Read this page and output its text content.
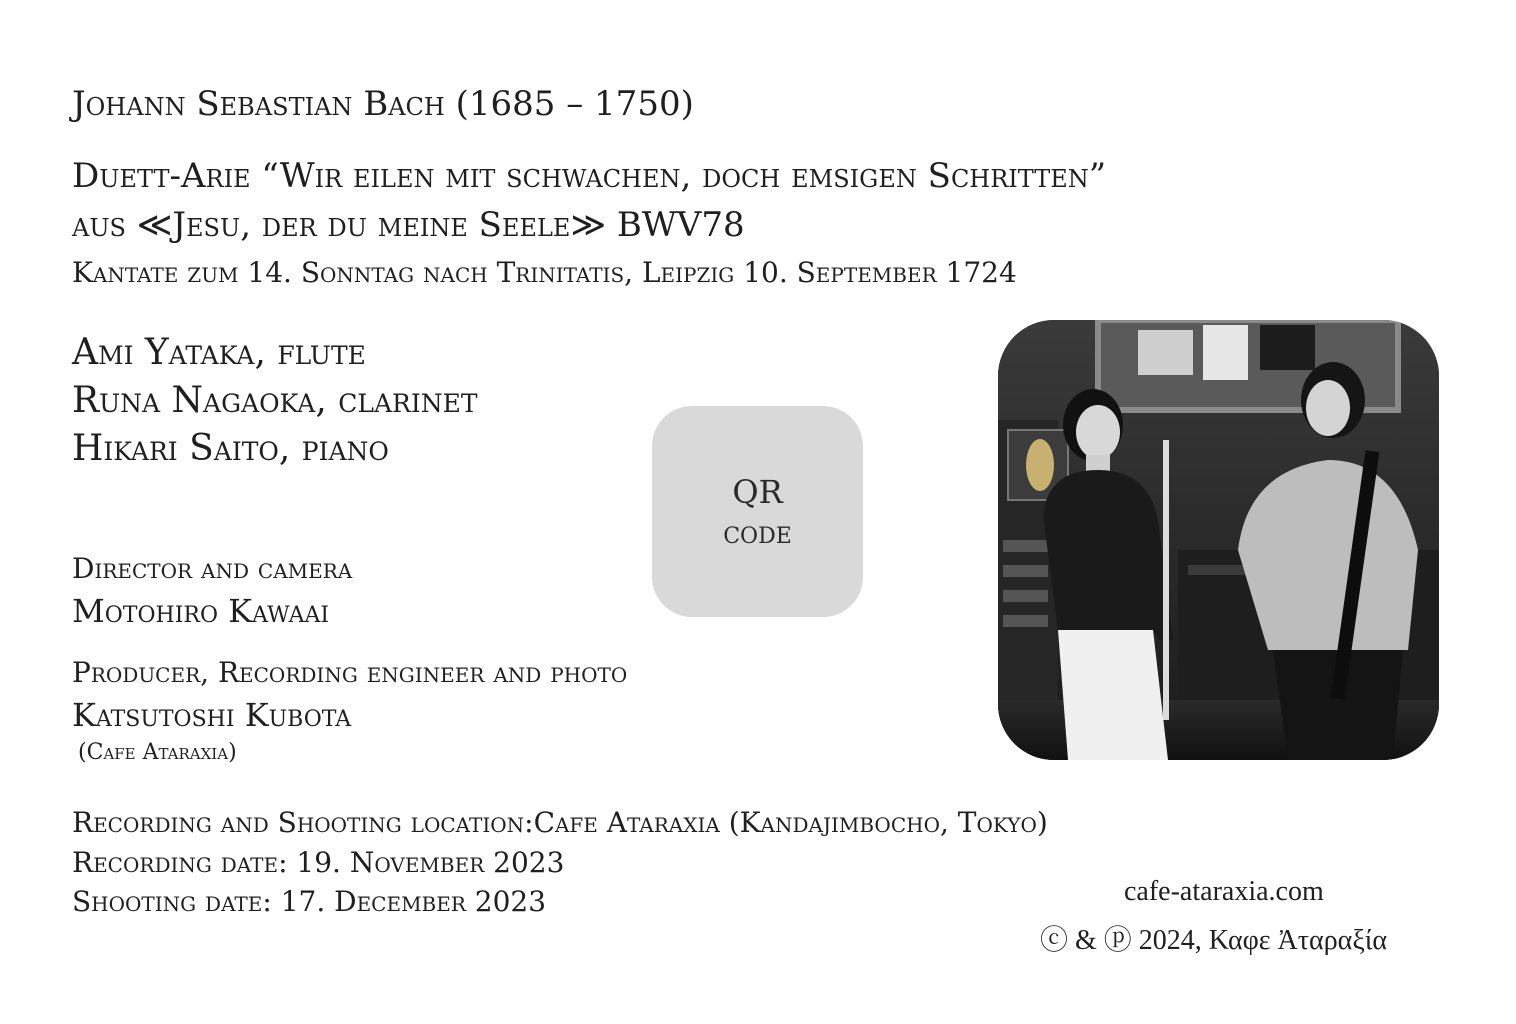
Johann Sebastian Bach (1685 – 1750)
Duett-Arie “Wir eilen mit schwachen, doch emsigen Schritten”
aus ≪Jesu, der du meine Seele≫ BWV78
Kantate zum 14. Sonntag nach Trinitatis, Leipzig 10. September 1724
Ami Yataka, flute
Runa Nagaoka, clarinet
Hikari Saito, piano
QR
code
Director and camera
Motohiro Kawaai
Producer, Recording engineer and photo
Katsutoshi Kubota
(Cafe Ataraxia)
Recording and Shooting location:Cafe Ataraxia (Kandajimbocho, Tokyo)
Recording date: 19. November 2023
Shooting date: 17. December 2023	cafe-ataraxia.com
ⓒ & ⓟ 2024, Καφε Ἀταραξία
